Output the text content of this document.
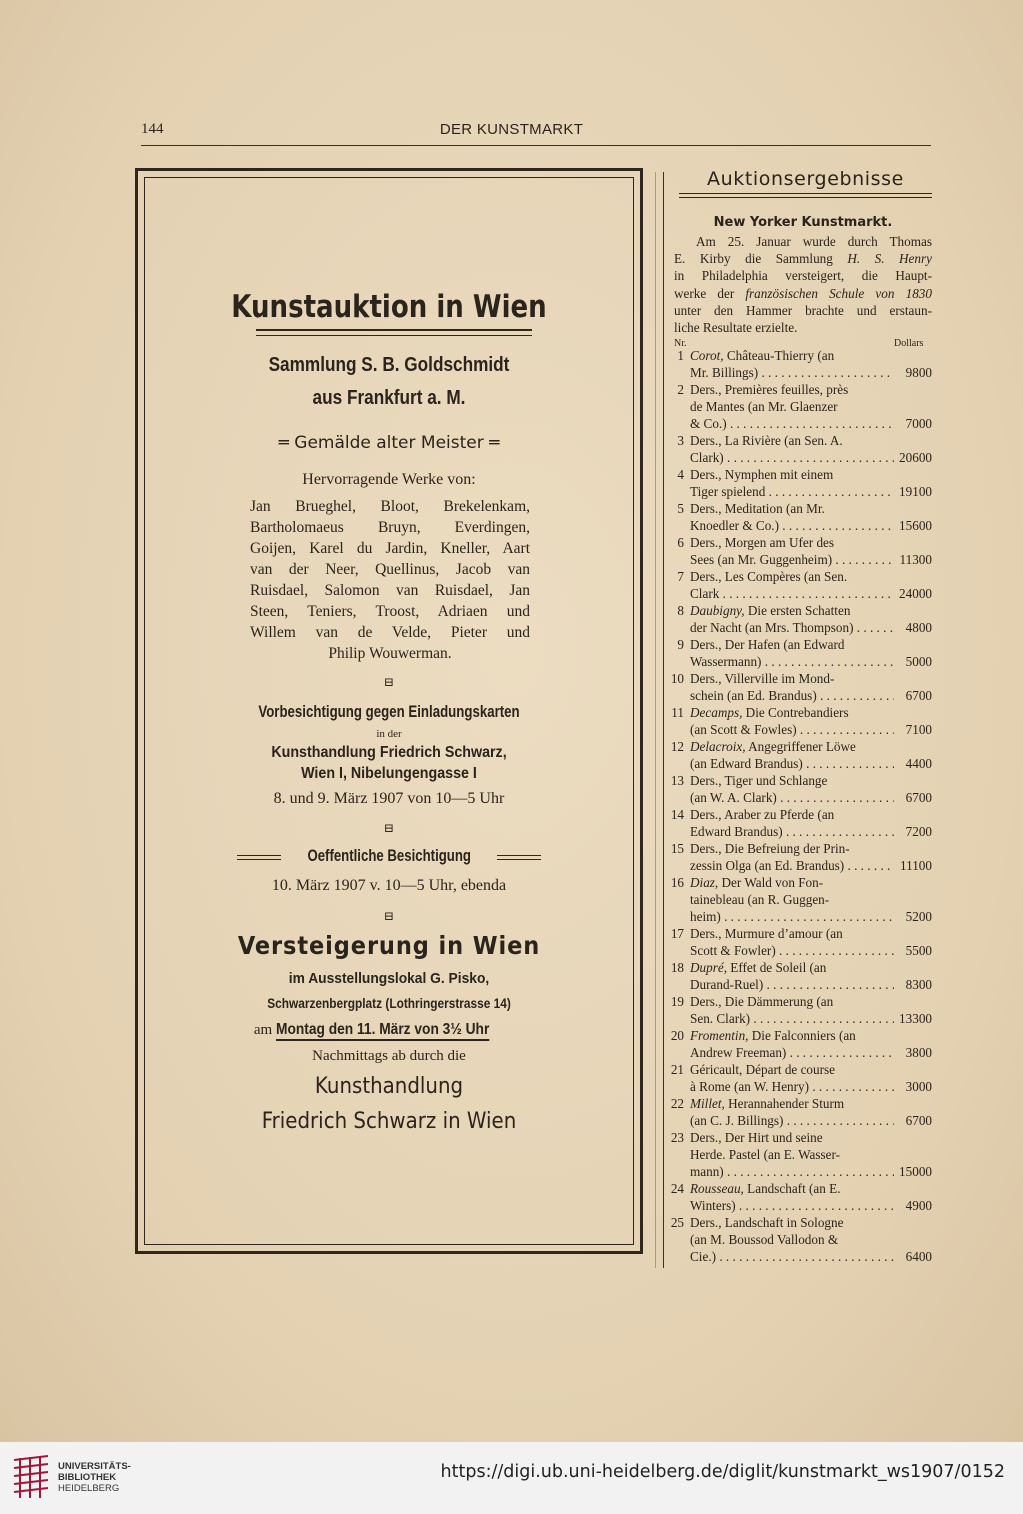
144	DER KUNSTMARKT
Kunstauktion in Wien
Sammlung S. B. Goldschmidt
aus Frankfurt a. M.
═ Gemälde alter Meister ═
Hervorragende Werke von:
Jan Brueghel, Bloot, Brekelenkam,
Bartholomaeus Bruyn, Everdingen,
Goijen, Karel du Jardin, Kneller, Aart
van der Neer, Quellinus, Jacob van
Ruisdael, Salomon van Ruisdael, Jan
Steen, Teniers, Troost, Adriaen und
Willem van de Velde, Pieter und
Philip Wouwerman.
⊟
Vorbesichtigung gegen Einladungskarten
in der
Kunsthandlung Friedrich Schwarz,
Wien I, Nibelungengasse I
8. und 9. März 1907 von 10—5 Uhr
⊟
Oeffentliche Besichtigung
10. März 1907 v. 10—5 Uhr, ebenda
⊟
Versteigerung in Wien
im Ausstellungslokal G. Pisko,
Schwarzenbergplatz (Lothringerstrasse 14)
am Montag den 11. März von 3½ Uhr
Nachmittags ab durch die
Kunsthandlung
Friedrich Schwarz in Wien
Auktionsergebnisse
New Yorker Kunstmarkt.

Am 25. Januar wurde durch Thomas

E. Kirby die Sammlung H. S. Henry
in Philadelphia versteigert, die Haupt-
werke der französischen Schule von 1830
unter den Hammer brachte und erstaun-
liche Resultate erzielte.
Nr.	Dollars
1 Corot, Château-Thierry (an
Mr. Billings) . . .	9800
2 Ders., Premières feuilles, près
de Mantes (an Mr. Glaenzer
& Co.) . . .	7000
3 Ders., La Rivière (an Sen. A.
Clark) . . .	20600
4 Ders., Nymphen mit einem
Tiger spielend . . .	19100
5 Ders., Meditation (an Mr.
Knoedler & Co.) . . .	15600
6 Ders., Morgen am Ufer des
Sees (an Mr. Guggenheim) . . .	11300
7 Ders., Les Compères (an Sen.
Clark . . .	24000
8 Daubigny, Die ersten Schatten
der Nacht (an Mrs. Thompson) . . .	4800
9 Ders., Der Hafen (an Edward
Wassermann) . . .	5000
10 Ders., Villerville im Mond-
schein (an Ed. Brandus) . . .	6700
11 Decamps, Die Contrebandiers
(an Scott & Fowles) . . .	7100
12 Delacroix, Angegriffener Löwe
(an Edward Brandus) . . .	4400
13 Ders., Tiger und Schlange
(an W. A. Clark) . . .	6700
14 Ders., Araber zu Pferde (an
Edward Brandus) . . .	7200
15 Ders., Die Befreiung der Prin-
zessin Olga (an Ed. Brandus) . . .	11100
16 Diaz, Der Wald von Fon-
tainebleau (an R. Guggen-
heim) . . .	5200
17 Ders., Murmure d’amour (an
Scott & Fowler) . . .	5500
18 Dupré, Effet de Soleil (an
Durand-Ruel) . . .	8300
19 Ders., Die Dämmerung (an
Sen. Clark) . . .	13300
20 Fromentin, Die Falconniers (an
Andrew Freeman) . . .	3800
21 Géricault, Départ de course
à Rome (an W. Henry) . . .	3000
22 Millet, Herannahender Sturm
(an C. J. Billings) . . .	6700
23 Ders., Der Hirt und seine
Herde. Pastel (an E. Wasser-
mann) . . .	15000
24 Rousseau, Landschaft (an E.
Winters) . . .	4900
25 Ders., Landschaft in Sologne
(an M. Boussod Vallodon &
Cie.) . . .	6400
UNIVERSITÄTS-
BIBLIOTHEK
HEIDELBERG
https://digi.ub.uni-heidelberg.de/diglit/kunstmarkt_ws1907/0152
